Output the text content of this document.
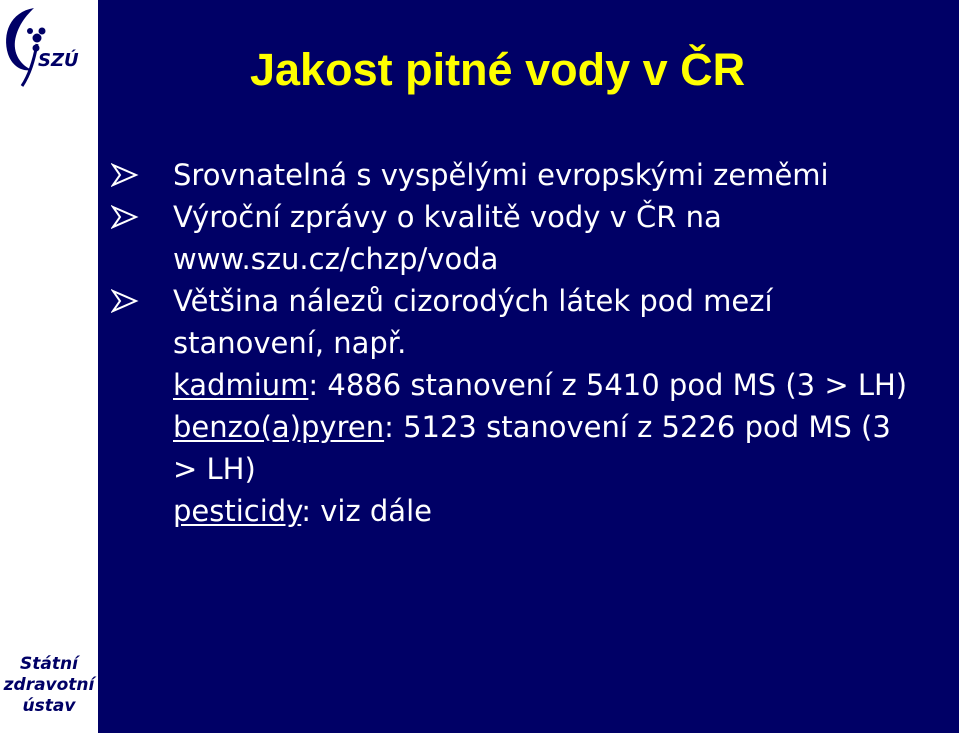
SZÚ
Státní
zdravotní
ústav
Jakost pitné vody v ČR
Srovnatelná s vyspělými evropskými zeměmi
Výroční zprávy o kvalitě vody v ČR na
www.szu.cz/chzp/voda
Většina nálezů cizorodých látek pod mezí
stanovení, např.
kadmium: 4886 stanovení z 5410 pod MS (3 > LH)
benzo(a)pyren: 5123 stanovení z 5226 pod MS (3
> LH)
pesticidy: viz dále
